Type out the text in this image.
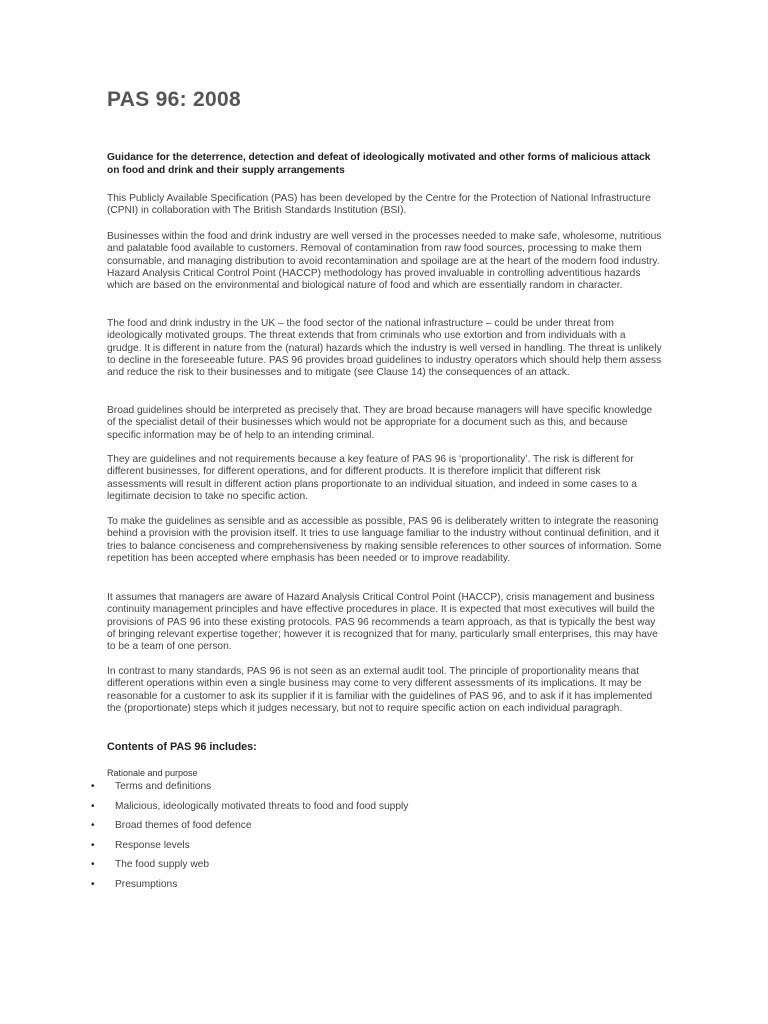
PAS 96: 2008

Guidance for the deterrence, detection and defeat of ideologically motivated and other forms of malicious attack on food and drink and their supply arrangements

This Publicly Available Specification (PAS) has been developed by the Centre for the Protection of National Infrastructure (CPNI) in collaboration with The British Standards Institution (BSI).

Businesses within the food and drink industry are well versed in the processes needed to make safe, wholesome, nutritious and palatable food available to customers. Removal of contamination from raw food sources, processing to make them consumable, and managing distribution to avoid recontamination and spoilage are at the heart of the modern food industry. Hazard Analysis Critical Control Point (HACCP) methodology has proved invaluable in controlling adventitious hazards which are based on the environmental and biological nature of food and which are essentially random in character.

The food and drink industry in the UK – the food sector of the national infrastructure – could be under threat from ideologically motivated groups. The threat extends that from criminals who use extortion and from individuals with a grudge. It is different in nature from the (natural) hazards which the industry is well versed in handling. The threat is unlikely to decline in the foreseeable future. PAS 96 provides broad guidelines to industry operators which should help them assess and reduce the risk to their businesses and to mitigate (see Clause 14) the consequences of an attack.

Broad guidelines should be interpreted as precisely that. They are broad because managers will have specific knowledge of the specialist detail of their businesses which would not be appropriate for a document such as this, and because specific information may be of help to an intending criminal.

They are guidelines and not requirements because a key feature of PAS 96 is ‘proportionality’. The risk is different for different businesses, for different operations, and for different products. It is therefore implicit that different risk assessments will result in different action plans proportionate to an individual situation, and indeed in some cases to a legitimate decision to take no specific action.

To make the guidelines as sensible and as accessible as possible, PAS 96 is deliberately written to integrate the reasoning behind a provision with the provision itself. It tries to use language familiar to the industry without continual definition, and it tries to balance conciseness and comprehensiveness by making sensible references to other sources of information. Some repetition has been accepted where emphasis has been needed or to improve readability.

It assumes that managers are aware of Hazard Analysis Critical Control Point (HACCP), crisis management and business continuity management principles and have effective procedures in place. It is expected that most executives will build the provisions of PAS 96 into these existing protocols. PAS 96 recommends a team approach, as that is typically the best way of bringing relevant expertise together; however it is recognized that for many, particularly small enterprises, this may have to be a team of one person.

In contrast to many standards, PAS 96 is not seen as an external audit tool. The principle of proportionality means that different operations within even a single business may come to very different assessments of its implications. It may be reasonable for a customer to ask its supplier if it is familiar with the guidelines of PAS 96, and to ask if it has implemented the (proportionate) steps which it judges necessary, but not to require specific action on each individual paragraph.

Contents of PAS 96 includes:

Rationale and purpose

• Terms and definitions
• Malicious, ideologically motivated threats to food and food supply
• Broad themes of food defence
• Response levels
• The food supply web
• Presumptions
